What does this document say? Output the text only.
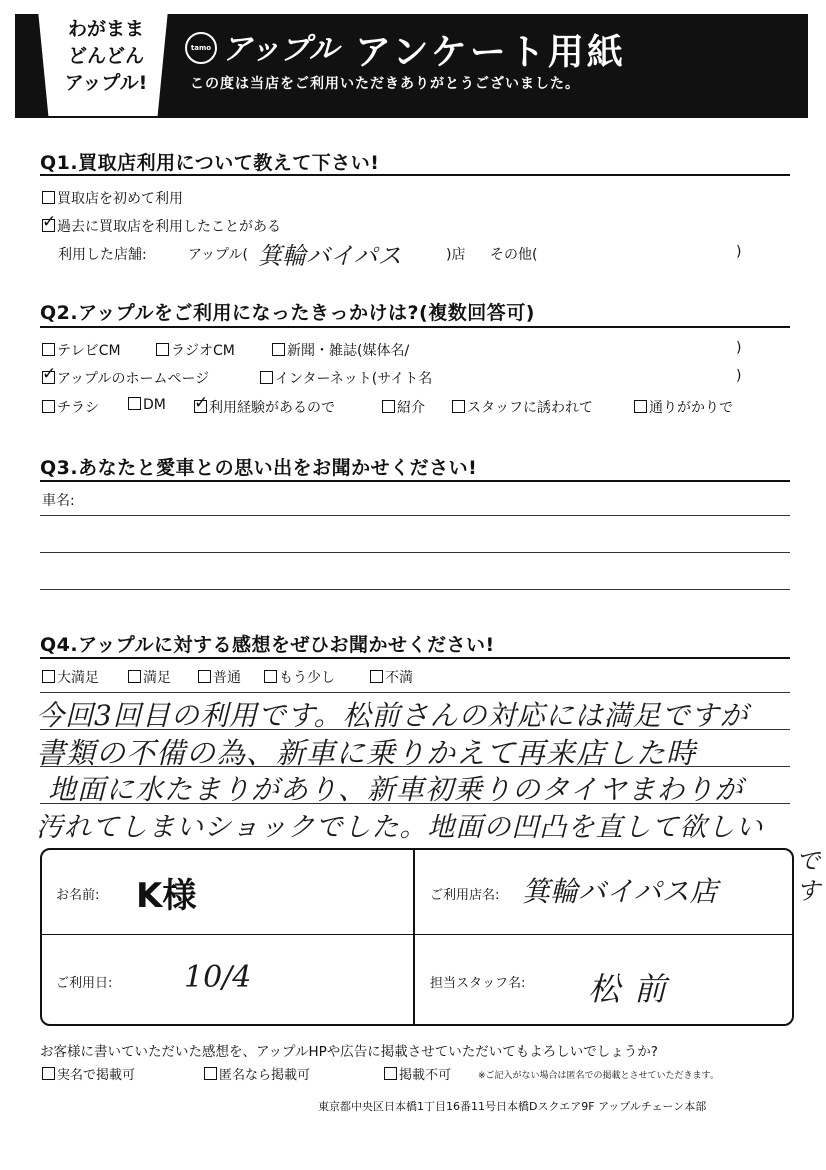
わがまま
どんどん
アップル!
tamo アップル アンケート用紙
この度は当店をご利用いただきありがとうございました。
Q1.買取店利用について教えて下さい!
買取店を初めて利用
✓過去に買取店を利用したことがある
利用した店舗:	アップル( 箕輪バイパス	)店 その他(	)
Q2.アップルをご利用になったきっかけは?(複数回答可)
テレビCM	ラジオCM	新聞・雑誌(媒体名/	)
✓アップルのホームページ	インターネット(サイト名	)
チラシ	DM
✓	利用経験があるので	紹介	スタッフに誘われて	通りがかりで
Q3.あなたと愛車との思い出をお聞かせください!
車名:
Q4.アップルに対する感想をぜひお聞かせください!
大満足	満足	普通	もう少し	不満
今回3回目の利用です。松前さんの対応には満足ですが
書類の不備の為、新車に乗りかえて再来店した時
地面に水たまりがあり、新車初乗りのタイヤまわりが
汚れてしまいショックでした。地面の凹凸を直して欲しい
です
お名前: K様	ご利用店名: 箕輪バイパス店
ご利用日: 10/4	担当スタッフ名: 松前
お客様に書いていただいた感想を、アップルHPや広告に掲載させていただいてもよろしいでしょうか?
実名で掲載可	匿名なら掲載可	掲載不可	※ご記入がない場合は匿名での掲載とさせていただきます。
東京都中央区日本橋1丁目16番11号日本橋Dスクエア9F アップルチェーン本部
